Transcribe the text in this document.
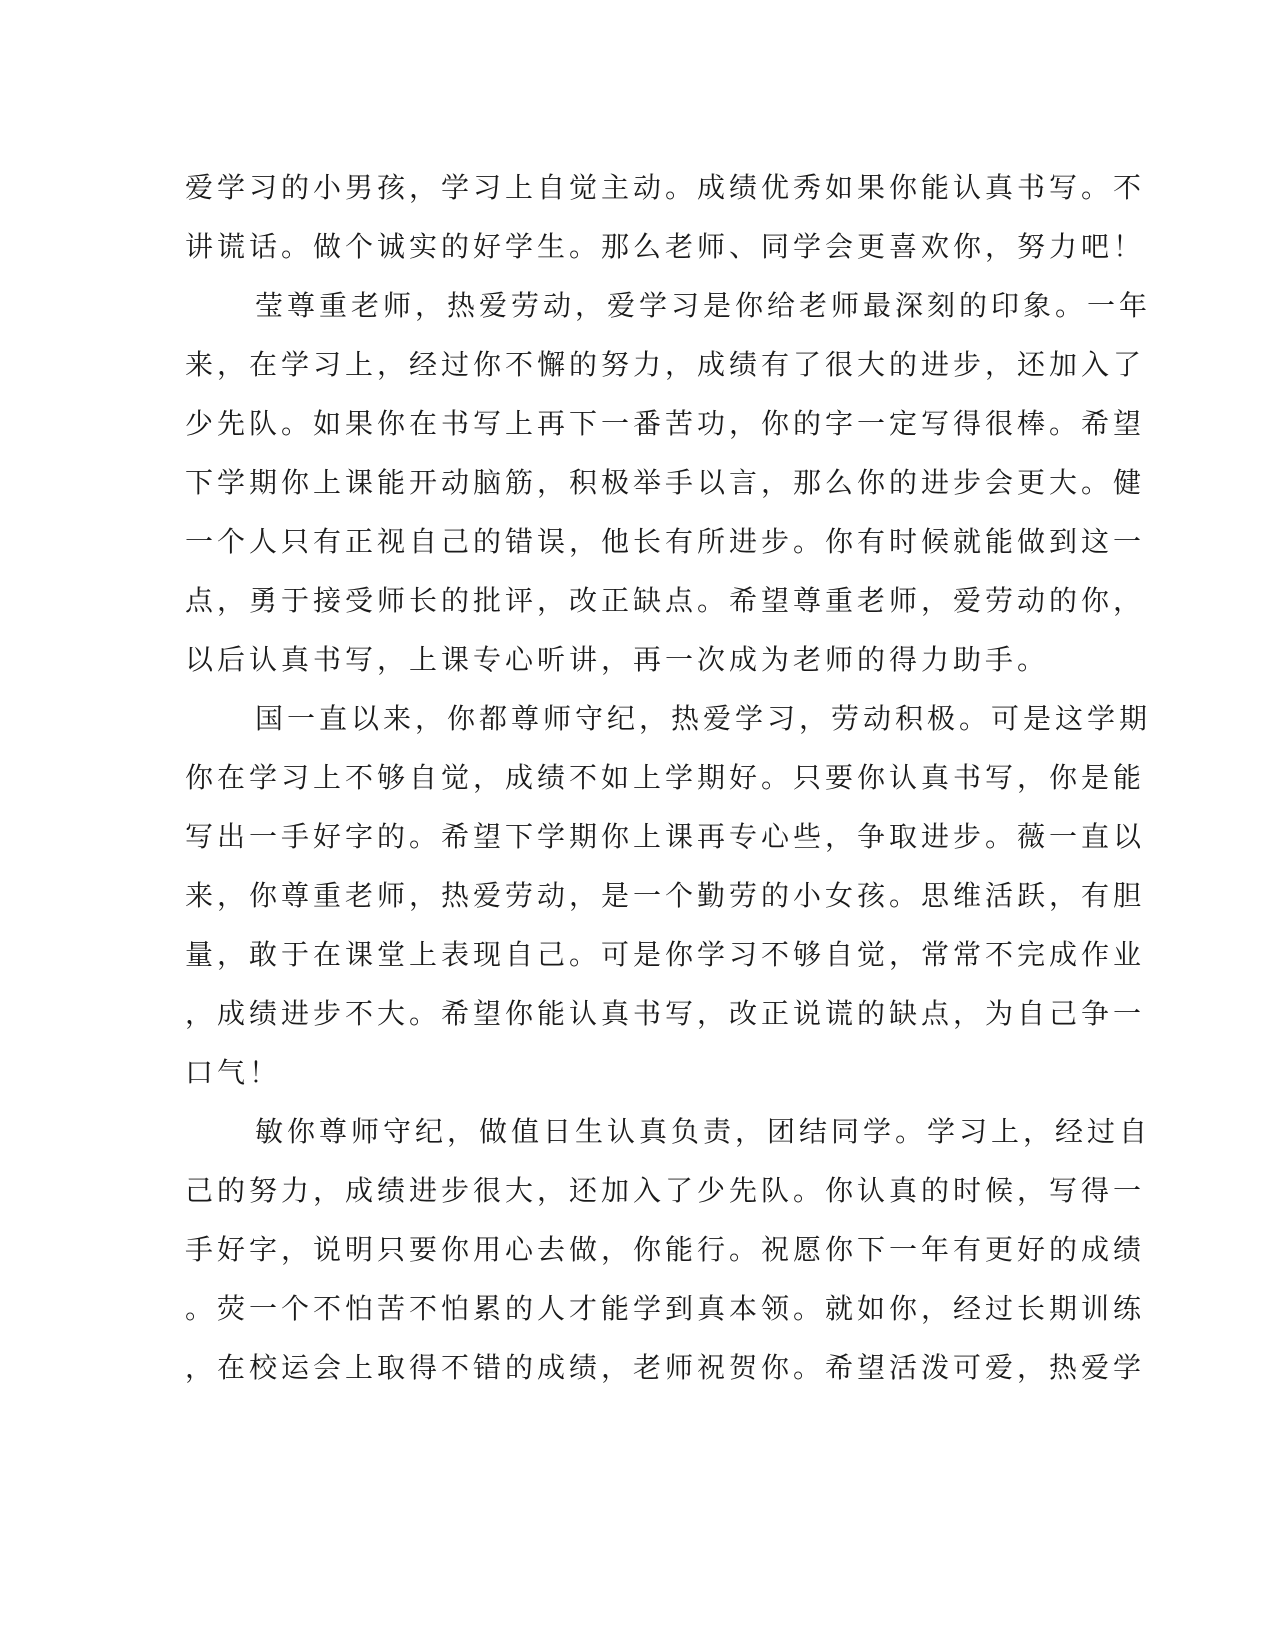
爱学习的小男孩，学习上自觉主动。成绩优秀如果你能认真书写。不
讲谎话。做个诚实的好学生。那么老师、同学会更喜欢你，努力吧！
莹尊重老师，热爱劳动，爱学习是你给老师最深刻的印象。一年
来，在学习上，经过你不懈的努力，成绩有了很大的进步，还加入了
少先队。如果你在书写上再下一番苦功，你的字一定写得很棒。希望
下学期你上课能开动脑筋，积极举手以言，那么你的进步会更大。健
一个人只有正视自己的错误，他长有所进步。你有时候就能做到这一
点，勇于接受师长的批评，改正缺点。希望尊重老师，爱劳动的你，
以后认真书写，上课专心听讲，再一次成为老师的得力助手。
国一直以来，你都尊师守纪，热爱学习，劳动积极。可是这学期
你在学习上不够自觉，成绩不如上学期好。只要你认真书写，你是能
写出一手好字的。希望下学期你上课再专心些，争取进步。薇一直以
来，你尊重老师，热爱劳动，是一个勤劳的小女孩。思维活跃，有胆
量，敢于在课堂上表现自己。可是你学习不够自觉，常常不完成作业
，成绩进步不大。希望你能认真书写，改正说谎的缺点，为自己争一
口气！
敏你尊师守纪，做值日生认真负责，团结同学。学习上，经过自
己的努力，成绩进步很大，还加入了少先队。你认真的时候，写得一
手好字，说明只要你用心去做，你能行。祝愿你下一年有更好的成绩
。荧一个不怕苦不怕累的人才能学到真本领。就如你，经过长期训练
，在校运会上取得不错的成绩，老师祝贺你。希望活泼可爱，热爱学
